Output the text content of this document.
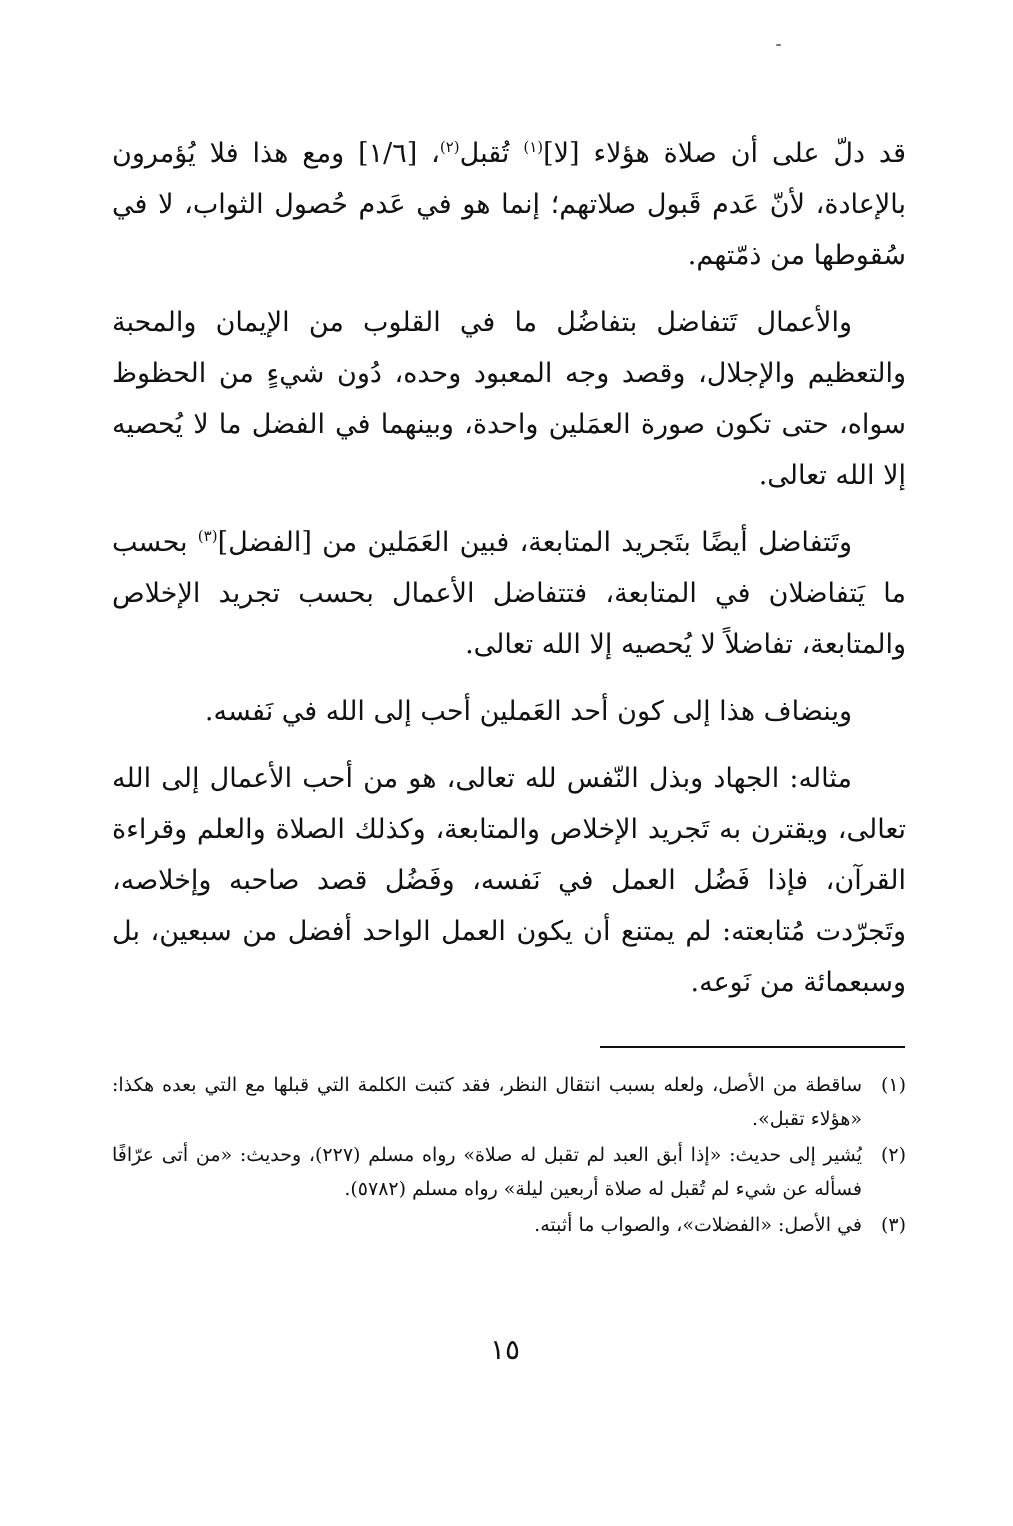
قد دلّ على أن صلاة هؤلاء [لا]$^{(١)}$ تُقبل$^{(٢)}$، [١/٦] ومع هذا فلا يُؤمرون بالإعادة، لأنّ عَدم قَبول صلاتهم؛ إنما هو في عَدم حُصول الثواب، لا في سُقوطها من ذمّتهم.

والأعمال تَتفاضل بتفاضُل ما في القلوب من الإيمان والمحبة والتعظيم والإجلال، وقصد وجه المعبود وحده، دُون شيءٍ من الحظوظ سواه، حتى تكون صورة العمَلين واحدة، وبينهما في الفضل ما لا يُحصيه إلا الله تعالى.

وتَتفاضل أيضًا بتَجريد المتابعة، فبين العَمَلين من [الفضل]$^{(٣)}$ بحسب ما يَتفاضلان في المتابعة، فتتفاضل الأعمال بحسب تجريد الإخلاص والمتابعة، تفاضلاً لا يُحصيه إلا الله تعالى.

وينضاف هذا إلى كون أحد العَملين أحب إلى الله في نَفسه.

مثاله: الجهاد وبذل النّفس لله تعالى، هو من أحب الأعمال إلى الله تعالى، ويقترن به تَجريد الإخلاص والمتابعة، وكذلك الصلاة والعلم وقراءة القرآن، فإذا فَضُل العمل في نَفسه، وفَضُل قصد صاحبه وإخلاصه، وتَجرّدت مُتابعته: لم يمتنع أن يكون العمل الواحد أفضل من سبعين، بل وسبعمائة من نَوعه.

(١)
ساقطة من الأصل، ولعله بسبب انتقال النظر، فقد كتبت الكلمة التي قبلها مع التي بعده هكذا: «هؤلاء تقبل».
(٢)
يُشير إلى حديث: «إذا أبق العبد لم تقبل له صلاة» رواه مسلم (٢٢٧)، وحديث: «من أتى عرّافًا فسأله عن شيء لم تُقبل له صلاة أربعين ليلة» رواه مسلم (٥٧٨٢).
(٣)
في الأصل: «الفضلات»، والصواب ما أثبته.
١٥
